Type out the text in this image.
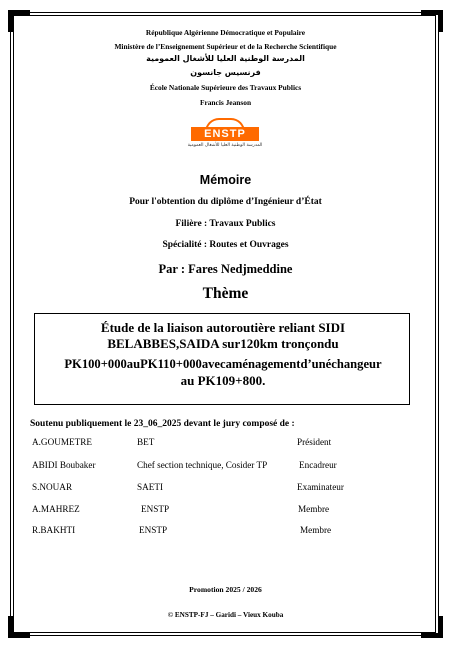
République Algérienne Démocratique et Populaire
Ministère de l’Enseignement Supérieur et de la Recherche Scientifique
المدرسة الوطنية العليا للأشغال العمومية
فرنسيس جانسون
École Nationale Supérieure des Travaux Publics
Francis Jeanson
ENSTP
المدرسة الوطنية العليا للأشغال العمومية
Mémoire
Pour l'obtention du diplôme d’Ingénieur d’État
Filière : Travaux Publics
Spécialité : Routes et Ouvrages
Par : Fares Nedjmeddine
Thème
Étude de la liaison autoroutière reliant SIDI
BELABBES,SAIDA sur120km tronçondu
PK100+000auPK110+000avecaménagementd’unéchangeur
au PK109+800.
Soutenu publiquement le 23_06_2025 devant le jury composé de :
A.GOUMETRE	BET	Président
ABIDI Boubaker	Chef section technique, Cosider TP	Encadreur
S.NOUAR	SAETI	Examinateur
A.MAHREZ	ENSTP	Membre
R.BAKHTI	ENSTP	Membre
Promotion 2025 / 2026
© ENSTP-FJ – Garidi – Vieux Kouba
